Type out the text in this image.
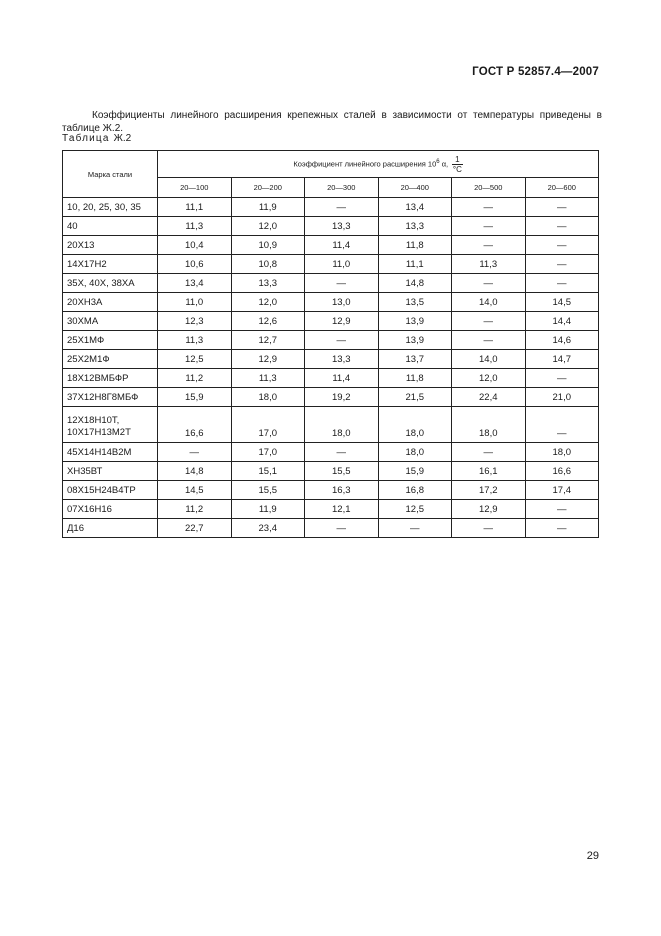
ГОСТ Р 52857.4—2007

Коэффициенты линейного расширения крепежных сталей в зависимости от температуры приведены в таблице Ж.2.

Таблица Ж.2
Марка стали	Коэффициент линейного расширения $10^6$ α, $\frac{1}{^\circ C}$

	20—100	20—200	20—300	20—400	20—500	20—600

10, 20, 25, 30, 35	11,1	11,9	—	13,4	—	—

40	11,3	12,0	13,3	13,3	—	—

20Х13	10,4	10,9	11,4	11,8	—	—

14Х17Н2	10,6	10,8	11,0	11,1	11,3	—

35Х, 40Х, 38ХА	13,4	13,3	—	14,8	—	—

20ХН3А	11,0	12,0	13,0	13,5	14,0	14,5

30ХМА	12,3	12,6	12,9	13,9	—	14,4

25Х1МФ	11,3	12,7	—	13,9	—	14,6

25Х2М1Ф	12,5	12,9	13,3	13,7	14,0	14,7

18Х12ВМБФР	11,2	11,3	11,4	11,8	12,0	—

37Х12Н8Г8МБФ	15,9	18,0	19,2	21,5	22,4	21,0

12Х18Н10Т,
10Х17Н13М2Т	16,6	17,0	18,0	18,0	18,0	—

45Х14Н14В2М	—	17,0	—	18,0	—	18,0

ХН35ВТ	14,8	15,1	15,5	15,9	16,1	16,6

08Х15Н24В4ТР	14,5	15,5	16,3	16,8	17,2	17,4

07Х16Н16	11,2	11,9	12,1	12,5	12,9	—

Д16	22,7	23,4	—	—	—	—
29
